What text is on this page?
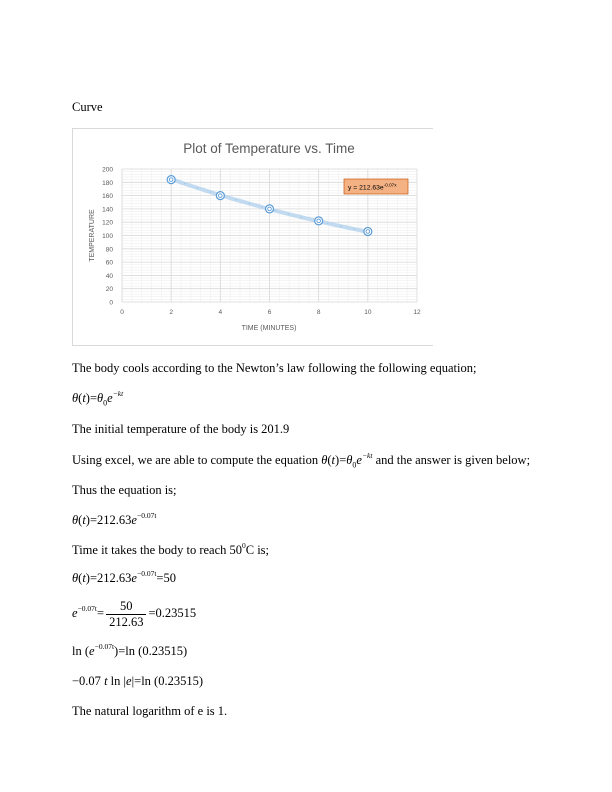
Curve
Plot of Temperature vs. Time
0
20
40
60
80
100
120
140
160
180
200
0	2	4	6	8	10	12
TIME (MINUTES)
TEMPERATURE
$y = 212.63e^{-0.07x}$
The body cools according to the Newton’s law following the following equation;
$\theta(t)=\theta_0e^{-kt}$
The initial temperature of the body is 201.9
Using excel, we are able to compute the equation $\theta(t)=\theta_0e^{-kt}$ and the answer is given below;
Thus the equation is;
$\theta(t)=212.63e^{-0.07t}$
Time it takes the body to reach $50^0C$ is;
$\theta(t)=212.63e^{-0.07t}=50$
$e^{-0.07t}= \frac{50}{212.63} =0.23515$
$\ln (e^{-0.07t})=\ln$ (0.23515)
−0.07 t ln |e|=ln (0.23515)
The natural logarithm of e is 1.
